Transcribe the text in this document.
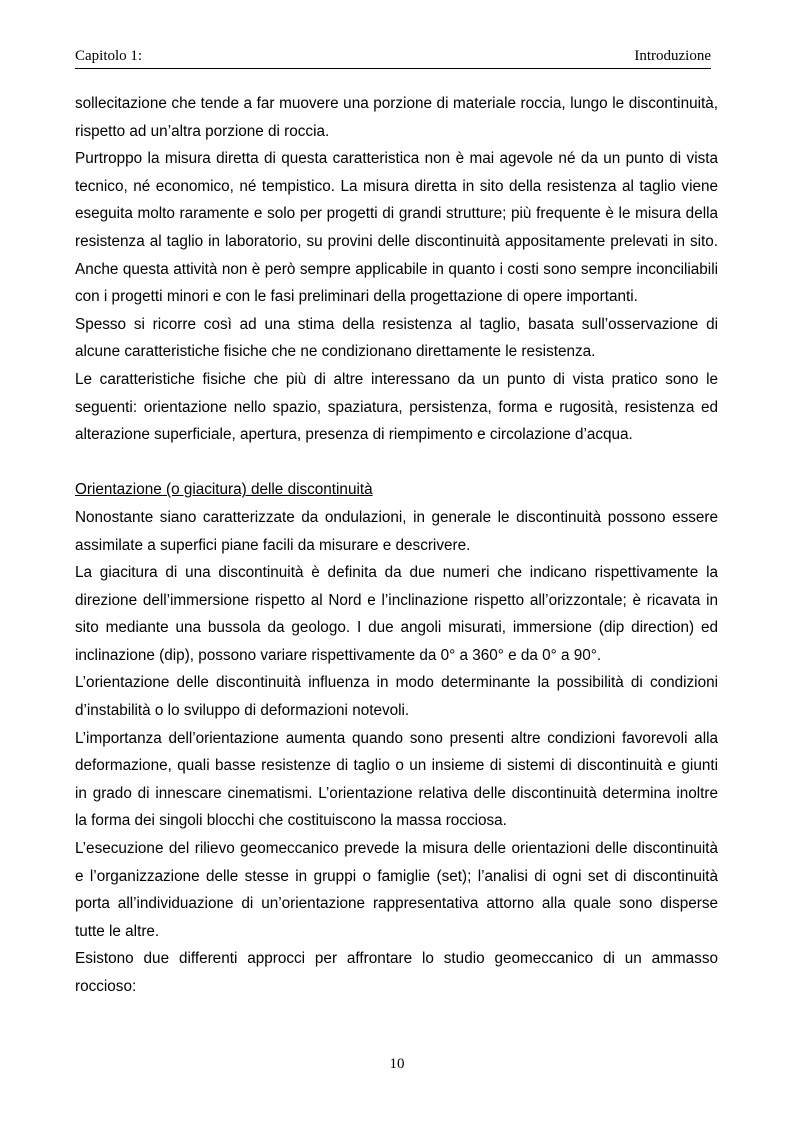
Capitolo 1:	Introduzione

sollecitazione che tende a far muovere una porzione di materiale roccia, lungo le discontinuità, rispetto ad un’altra porzione di roccia.

Purtroppo la misura diretta di questa caratteristica non è mai agevole né da un punto di vista tecnico, né economico, né tempistico. La misura diretta in sito della resistenza al taglio viene eseguita molto raramente e solo per progetti di grandi strutture; più frequente è le misura della resistenza al taglio in laboratorio, su provini delle discontinuità appositamente prelevati in sito. Anche questa attività non è però sempre applicabile in quanto i costi sono sempre inconciliabili con i progetti minori e con le fasi preliminari della progettazione di opere importanti.

Spesso si ricorre così ad una stima della resistenza al taglio, basata sull’osservazione di alcune caratteristiche fisiche che ne condizionano direttamente le resistenza.

Le caratteristiche fisiche che più di altre interessano da un punto di vista pratico sono le seguenti: orientazione nello spazio, spaziatura, persistenza, forma e rugosità, resistenza ed alterazione superficiale, apertura, presenza di riempimento e circolazione d’acqua.

Orientazione (o giacitura) delle discontinuità

Nonostante siano caratterizzate da ondulazioni, in generale le discontinuità possono essere assimilate a superfici piane facili da misurare e descrivere.

La giacitura di una discontinuità è definita da due numeri che indicano rispettivamente la direzione dell’immersione rispetto al Nord e l’inclinazione rispetto all’orizzontale; è ricavata in sito mediante una bussola da geologo. I due angoli misurati, immersione (dip direction) ed inclinazione (dip), possono variare rispettivamente da 0° a 360° e da 0° a 90°.

L’orientazione delle discontinuità influenza in modo determinante la possibilità di condizioni d’instabilità o lo sviluppo di deformazioni notevoli.

L’importanza dell’orientazione aumenta quando sono presenti altre condizioni favorevoli alla deformazione, quali basse resistenze di taglio o un insieme di sistemi di discontinuità e giunti in grado di innescare cinematismi. L’orientazione relativa delle discontinuità determina inoltre la forma dei singoli blocchi che costituiscono la massa rocciosa.

L’esecuzione del rilievo geomeccanico prevede la misura delle orientazioni delle discontinuità e l’organizzazione delle stesse in gruppi o famiglie (set); l’analisi di ogni set di discontinuità porta all’individuazione di un’orientazione rappresentativa attorno alla quale sono disperse tutte le altre.

Esistono due differenti approcci per affrontare lo studio geomeccanico di un ammasso roccioso:

10
